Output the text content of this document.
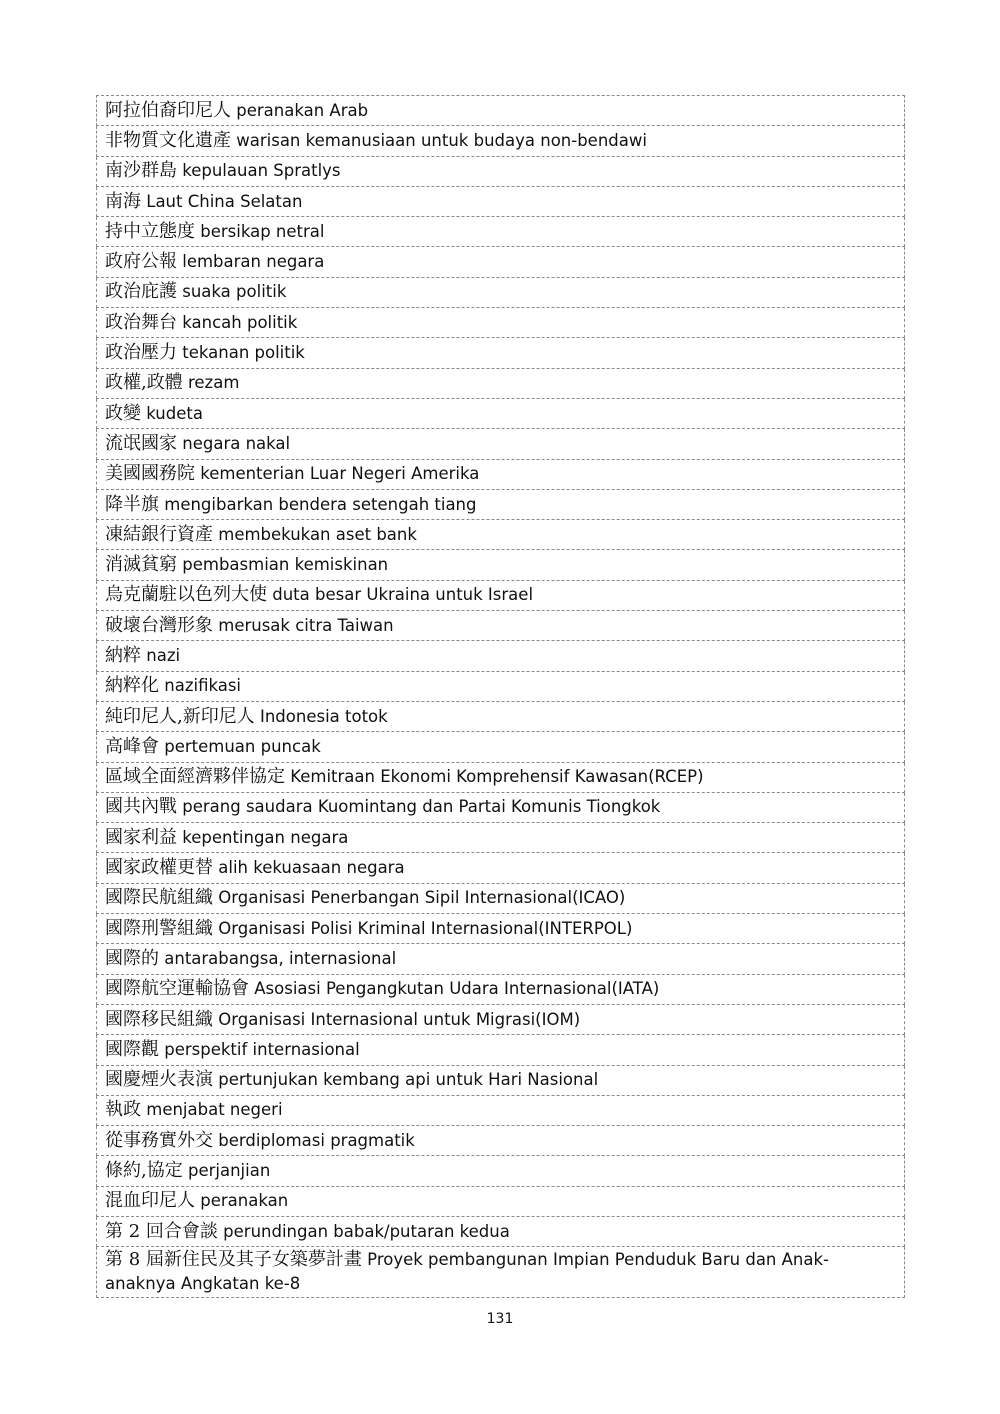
阿拉伯裔印尼人 peranakan Arab
非物質文化遺產 warisan kemanusiaan untuk budaya non-bendawi
南沙群島 kepulauan Spratlys
南海 Laut China Selatan
持中立態度 bersikap netral
政府公報 lembaran negara
政治庇護 suaka politik
政治舞台 kancah politik
政治壓力 tekanan politik
政權,政體 rezam
政變 kudeta
流氓國家 negara nakal
美國國務院 kementerian Luar Negeri Amerika
降半旗 mengibarkan bendera setengah tiang
凍結銀行資產 membekukan aset bank
消滅貧窮 pembasmian kemiskinan
烏克蘭駐以色列大使 duta besar Ukraina untuk Israel
破壞台灣形象 merusak citra Taiwan
納粹 nazi
納粹化 nazifikasi
純印尼人,新印尼人 Indonesia totok
高峰會 pertemuan puncak
區域全面經濟夥伴協定 Kemitraan Ekonomi Komprehensif Kawasan(RCEP)
國共內戰 perang saudara Kuomintang dan Partai Komunis Tiongkok
國家利益 kepentingan negara
國家政權更替 alih kekuasaan negara
國際民航組織 Organisasi Penerbangan Sipil Internasional(ICAO)
國際刑警組織 Organisasi Polisi Kriminal Internasional(INTERPOL)
國際的 antarabangsa, internasional
國際航空運輸協會 Asosiasi Pengangkutan Udara Internasional(IATA)
國際移民組織 Organisasi Internasional untuk Migrasi(IOM)
國際觀 perspektif internasional
國慶煙火表演 pertunjukan kembang api untuk Hari Nasional
執政 menjabat negeri
從事務實外交 berdiplomasi pragmatik
條約,協定 perjanjian
混血印尼人 peranakan
第 2 回合會談 perundingan babak/putaran kedua
第 8 屆新住民及其子女築夢計畫 Proyek pembangunan Impian Penduduk Baru dan Anak-anaknya Angkatan ke-8
131
